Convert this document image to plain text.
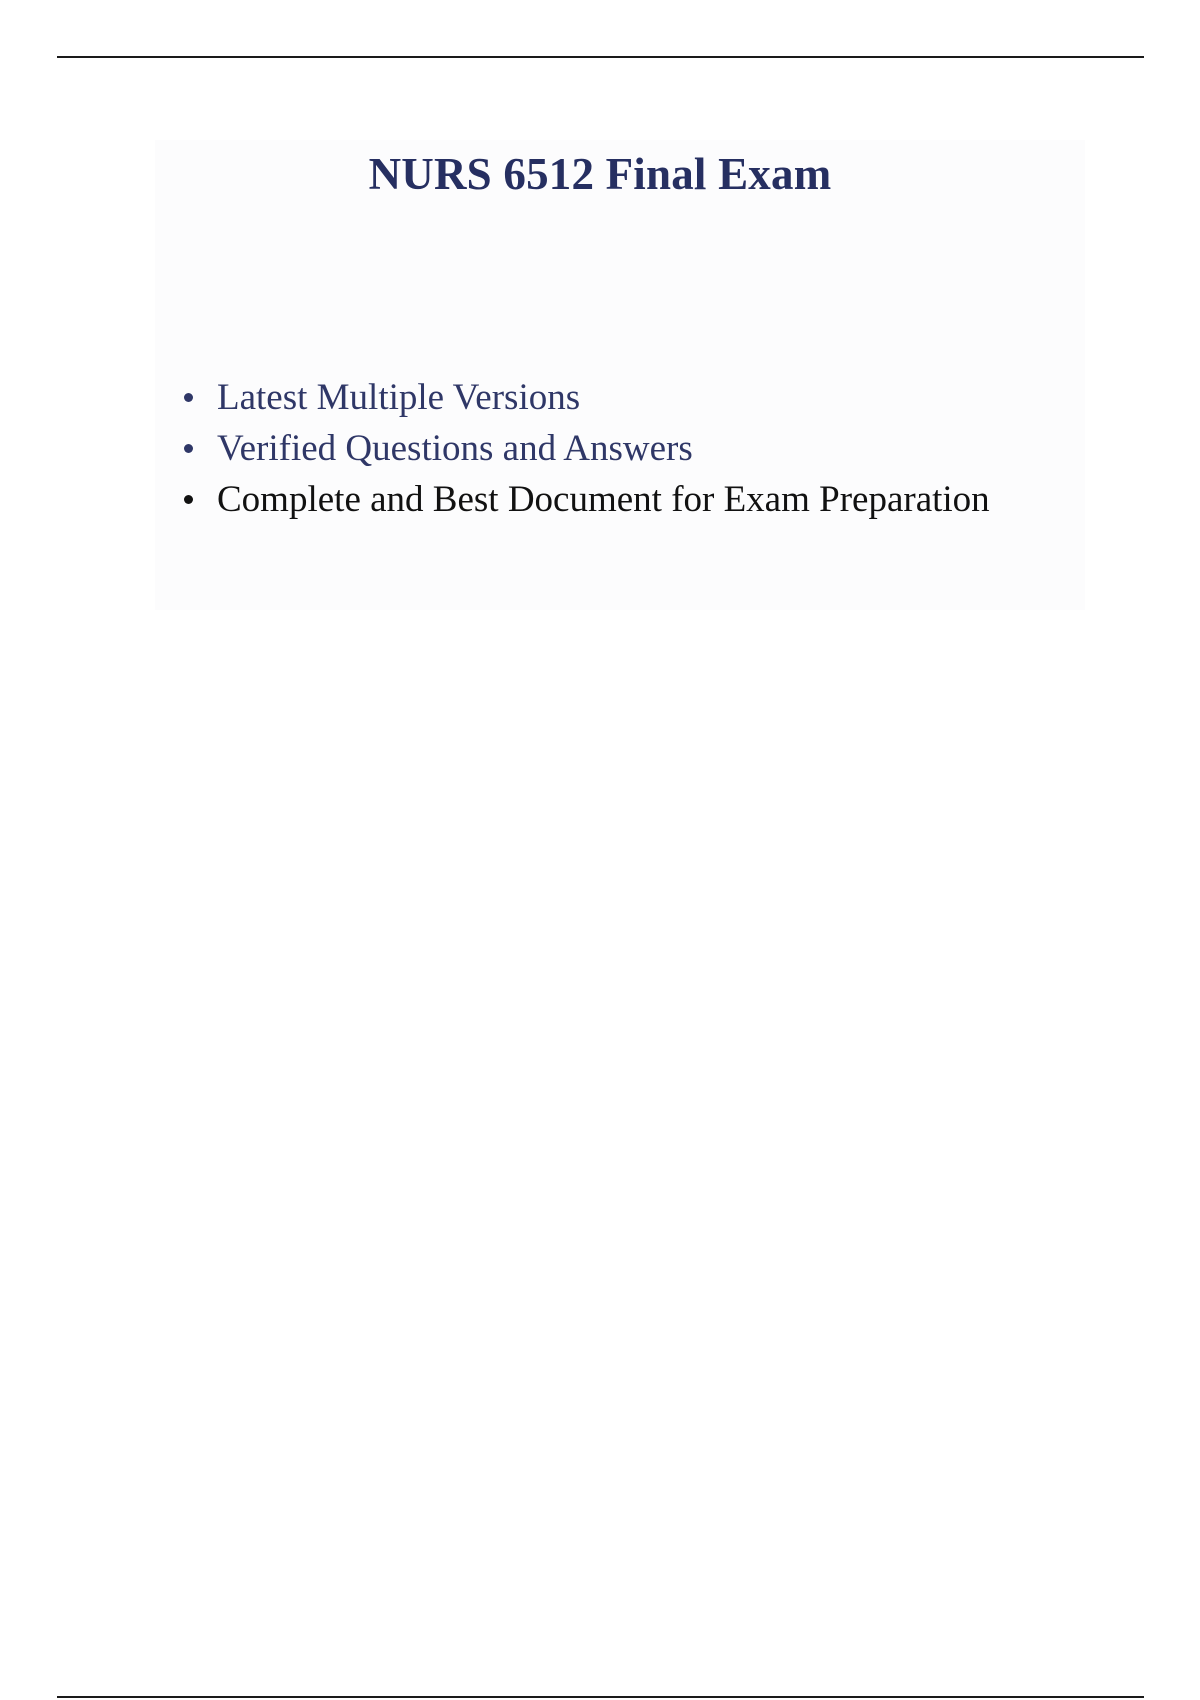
NURS 6512 Final Exam
Latest Multiple Versions
Verified Questions and Answers
Complete and Best Document for Exam Preparation
